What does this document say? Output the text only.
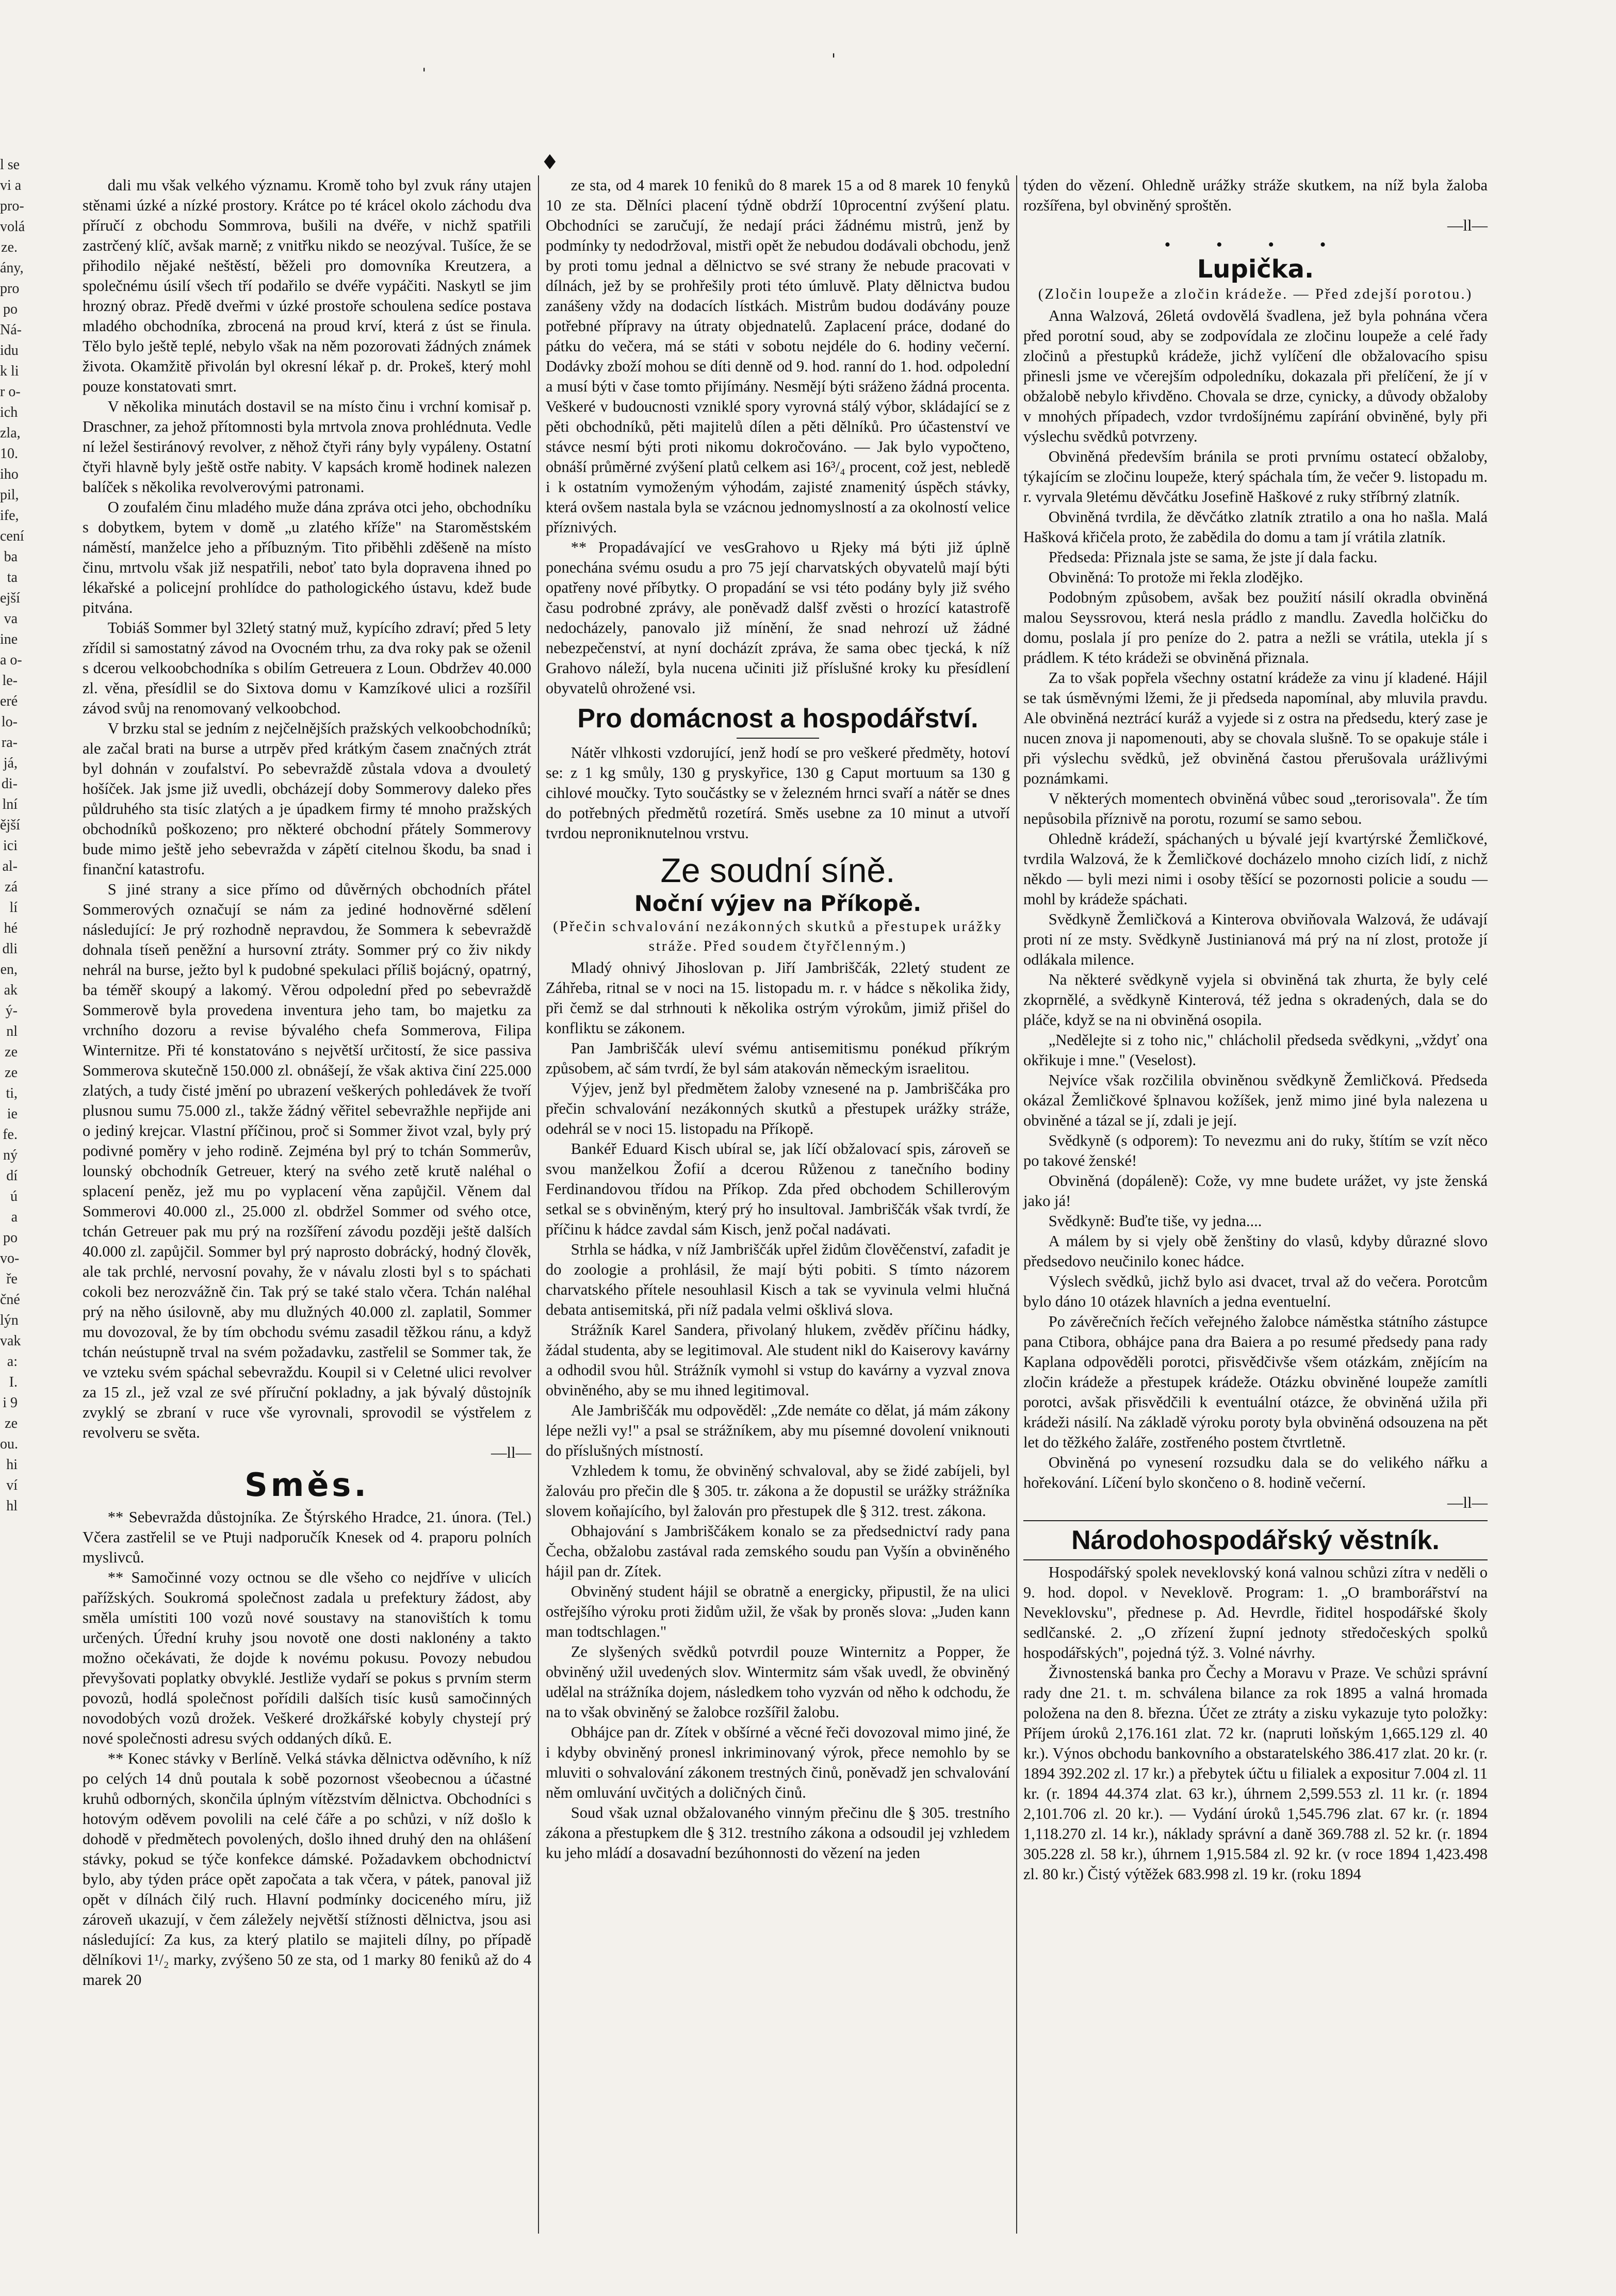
l se
vi a
pro-
volá
ze.
ány,
pro
po
Ná-
idu
k li
r o-
ich
zla,
10.
iho
pil,
ife,
cení
ba
ta
ejší
va
ine
a o-
le-
eré
lo-
ra-
já,
di-
lní
ější
ici
al-
zá
lí
hé
dli
en,
ak
ý-
nl
ze
ze
ti,
ie
fe.
ný
dí
ú
a
po
vo-
ře
čné
lýn
vak
a:
I.
i 9
ze
ou.
hi
ví
hl
ˌ	'
♦

dali mu však velkého významu. Kromě toho byl zvuk rány utajen stěnami úzké a nízké prostory. Krátce po té krácel okolo záchodu dva příručí z obchodu Sommrova, bušili na dvéře, v nichž spatřili zastrčený klíč, avšak marně; z vnitřku nikdo se neozýval. Tušíce, že se přihodilo nějaké neštěstí, běželi pro domovníka Kreutzera, a společnému úsilí všech tří podařilo se dvéře vypáčiti. Naskytl se jim hrozný obraz. Předě dveřmi v úzké prostoře schoulena sedíce postava mladého obchodníka, zbrocená na proud krví, která z úst se řinula. Tělo bylo ještě teplé, nebylo však na něm pozorovati žádných známek života. Okamžitě přivolán byl okresní lékař p. dr. Prokeš, který mohl pouze konstatovati smrt.

V několika minutách dostavil se na místo činu i vrchní komisař p. Draschner, za jehož přítomnosti byla mrtvola znova prohlédnuta. Vedle ní ležel šestiránový revolver, z něhož čtyři rány byly vypáleny. Ostatní čtyři hlavně byly ještě ostře nabity. V kapsách kromě hodinek nalezen balíček s několika revolverovými patronami.

O zoufalém činu mladého muže dána zpráva otci jeho, obchodníku s dobytkem, bytem v domě „u zlatého kříže" na Staroměstském náměstí, manželce jeho a příbuzným. Tito přiběhli zděšeně na místo činu, mrtvolu však již nespatřili, neboť tato byla dopravena ihned po lékařské a policejní prohlídce do pathologického ústavu, kdež bude pitvána.

Tobiáš Sommer byl 32letý statný muž, kypícího zdraví; před 5 lety zřídil si samostatný závod na Ovocném trhu, za dva roky pak se oženil s dcerou velkoobchodníka s obilím Getreuera z Loun. Obdržev 40.000 zl. věna, přesídlil se do Sixtova domu v Kamzíkové ulici a rozšířil závod svůj na renomovaný velkoobchod.

V brzku stal se jedním z nejčelnějších pražských velkoobchodníků; ale začal brati na burse a utrpěv před krátkým časem značných ztrát byl dohnán v zoufalství. Po sebevraždě zůstala vdova a dvouletý hošíček. Jak jsme již uvedli, obcházejí doby Sommerovy daleko přes půldruhého sta tisíc zlatých a je úpadkem firmy té mnoho pražských obchodníků poškozeno; pro některé obchodní přátely Sommerovy bude mimo ještě jeho sebevražda v zápětí citelnou škodu, ba snad i finanční katastrofu.

S jiné strany a sice přímo od důvěrných obchodních přátel Sommerových označují se nám za jediné hodnověrné sdělení následující: Je prý rozhodně nepravdou, že Sommera k sebevraždě dohnala tíseň peněžní a hursovní ztráty. Sommer prý co živ nikdy nehrál na burse, ježto byl k pudobné spekulaci příliš bojácný, opatrný, ba téměř skoupý a lakomý. Věrou odpolední před po sebevraždě Sommerově byla provedena inventura jeho tam, bo majetku za vrchního dozoru a revise bývalého chefa Sommerova, Filipa Winternitze. Při té konstatováno s největší určitostí, že sice passiva Sommerova skutečně 150.000 zl. obnášejí, že však aktiva činí 225.000 zlatých, a tudy čisté jmění po ubrazení veškerých pohledávek že tvoří plusnou sumu 75.000 zl., takže žádný věřitel sebevražhle nepřijde ani o jediný krejcar. Vlastní příčinou, proč si Sommer život vzal, byly prý podivné poměry v jeho rodině. Zejména byl prý to tchán Sommerův, lounský obchodník Getreuer, který na svého zetě krutě naléhal o splacení peněz, jež mu po vyplacení věna zapůjčil. Věnem dal Sommerovi 40.000 zl., 25.000 zl. obdržel Sommer od svého otce, tchán Getreuer pak mu prý na rozšíření závodu později ještě dalších 40.000 zl. zapůjčil. Sommer byl prý naprosto dobrácký, hodný člověk, ale tak prchlé, nervosní povahy, že v návalu zlosti byl s to spáchati cokoli bez nerozvážně čin. Tak prý se také stalo včera. Tchán naléhal prý na něho úsilovně, aby mu dlužných 40.000 zl. zaplatil, Sommer mu dovozoval, že by tím obchodu svému zasadil těžkou ránu, a když tchán neústupně trval na svém požadavku, zastřelil se Sommer tak, že ve vzteku svém spáchal sebevraždu. Koupil si v Celetné ulici revolver za 15 zl., jež vzal ze své příruční pokladny, a jak bývalý důstojník zvyklý se zbraní v ruce vše vyrovnali, sprovodil se výstřelem z revolveru se světa.

—ll—
Směs.

** Sebevražda důstojníka. Ze Štýrského Hradce, 21. února. (Tel.) Včera zastřelil se ve Ptuji nadporučík Knesek od 4. praporu polních myslivců.

** Samočinné vozy octnou se dle všeho co nejdříve v ulicích pařížských. Soukromá společnost zadala u prefektury žádost, aby směla umístiti 100 vozů nové soustavy na stanovištích k tomu určených. Úřední kruhy jsou novotě one dosti naklonény a takto možno očekávati, že dojde k novému pokusu. Povozy nebudou převyšovati poplatky obvyklé. Jestliže vydaří se pokus s prvním sterm povozů, hodlá společnost pořídili dalších tisíc kusů samočinných novodobých vozů drožek. Veškeré drožkářské kobyly chystejí prý nové společnosti adresu svých oddaných díků. E.

** Konec stávky v Berlíně. Velká stávka dělnictva oděvního, k níž po celých 14 dnů poutala k sobě pozornost všeobecnou a účastné kruhů odborných, skončila úplným vítězstvím dělnictva. Obchodníci s hotovým oděvem povolili na celé čáře a po schůzi, v níž došlo k dohodě v předmětech povolených, došlo ihned druhý den na ohlášení stávky, pokud se týče konfekce dámské. Požadavkem obchodnictví bylo, aby týden práce opět započata a tak včera, v pátek, panoval již opět v dílnách čilý ruch. Hlavní podmínky dociceného míru, již zároveň ukazují, v čem záležely největší stížnosti dělnictva, jsou asi následující: Za kus, za který platilo se majiteli dílny, po případě dělníkovi 1¹/₂ marky, zvýšeno 50 ze sta, od 1 marky 80 feniků až do 4 marek 20

ze sta, od 4 marek 10 feniků do 8 marek 15 a od 8 marek 10 fenyků 10 ze sta. Dělníci placení týdně obdrží 10procentní zvýšení platu. Obchodníci se zaručují, že nedají práci žádnému mistrů, jenž by podmínky ty nedodržoval, mistři opět že nebudou dodávali obchodu, jenž by proti tomu jednal a dělnictvo se své strany že nebude pracovati v dílnách, jež by se prohřešily proti této úmluvě. Platy dělnictva budou zanášeny vždy na dodacích lístkách. Mistrům budou dodávány pouze potřebné přípravy na útraty objednatelů. Zaplacení práce, dodané do pátku do večera, má se státi v sobotu nejdéle do 6. hodiny večerní. Dodávky zboží mohou se díti denně od 9. hod. ranní do 1. hod. odpolední a musí býti v čase tomto přijímány. Nesmějí býti sráženo žádná procenta. Veškeré v budoucnosti vzniklé spory vyrovná stálý výbor, skládající se z pěti obchodníků, pěti majitelů dílen a pěti dělníků. Pro účastenství ve stávce nesmí býti proti nikomu dokročováno. — Jak bylo vypočteno, obnáší průměrné zvýšení platů celkem asi 16³/₄ procent, což jest, nebledě i k ostatním vymoženým výhodám, zajisté znamenitý úspěch stávky, která ovšem nastala byla se vzácnou jednomyslností a za okolností velice příznivých.

** Propadávající ve vesGrahovo u Rjeky má býti již úplně ponechána svému osudu a pro 75 její charvatských obyvatelů mají býti opatřeny nové příbytky. O propadání se vsi této podány byly již svého času podrobné zprávy, ale poněvadž dalšf zvěsti o hrozící katastrofě nedocházely, panovalo již mínění, že snad nehrozí už žádné nebezpečenství, at nyní docházít zpráva, že sama obec tjecká, k níž Grahovo náleží, byla nucena učiniti již příslušné kroky ku přesídlení obyvatelů ohrožené vsi.

Pro domácnost a hospodářství.

Nátěr vlhkosti vzdorující, jenž hodí se pro veškeré předměty, hotoví se: z 1 kg smůly, 130 g pryskyřice, 130 g Caput mortuum sa 130 g cihlové moučky. Tyto součástky se v železném hrnci svaří a nátěr se dnes do potřebných předmětů rozetírá. Směs usebne za 10 minut a utvoří tvrdou neproniknutelnou vrstvu.

Ze soudní síně.
Noční výjev na Příkopě.
(Přečin schvalování nezákonných skutků a přestupek urážky stráže. Před soudem čtyřčlenným.)

Mladý ohnivý Jihoslovan p. Jiří Jambriščák, 22letý student ze Záhřeba, ritnal se v noci na 15. listopadu m. r. v hádce s několika židy, při čemž se dal strhnouti k několika ostrým výrokům, jimiž přišel do konfliktu se zákonem.

Pan Jambriščák uleví svému antisemitismu ponékud příkrým způsobem, ač sám tvrdí, že byl sám atakován německým israelitou.

Výjev, jenž byl předmětem žaloby vznesené na p. Jambriščáka pro přečin schvalování nezákonných skutků a přestupek urážky stráže, odehrál se v noci 15. listopadu na Příkopě.

Bankéř Eduard Kisch ubíral se, jak líčí obžalovací spis, zároveň se svou manželkou Žofií a dcerou Růženou z tanečního bodiny Ferdinandovou třídou na Příkop. Zda před obchodem Schillerovým setkal se s obviněným, který prý ho insultoval. Jambriščák však tvrdí, že příčinu k hádce zavdal sám Kisch, jenž počal nadávati.

Strhla se hádka, v níž Jambriščák upřel židům člověčenství, zafadit je do zoologie a prohlásil, že mají býti pobiti. S tímto názorem charvatského přítele nesouhlasil Kisch a tak se vyvinula velmi hlučná debata antisemitská, při níž padala velmi ošklivá slova.

Strážník Karel Sandera, přivolaný hlukem, zvěděv příčinu hádky, žádal studenta, aby se legitimoval. Ale student nikl do Kaiserovy kavárny a odhodil svou hůl. Strážník vymohl si vstup do kavárny a vyzval znova obviněného, aby se mu ihned legitimoval.

Ale Jambriščák mu odpověděl: „Zde nemáte co dělat, já mám zákony lépe nežli vy!" a psal se strážníkem, aby mu písemné dovolení vniknouti do příslušných místností.

Vzhledem k tomu, že obviněný schvaloval, aby se židé zabíjeli, byl žalováu pro přečin dle § 305. tr. zákona a že dopustil se urážky strážníka slovem koňajícího, byl žalován pro přestupek dle § 312. trest. zákona.

Obhajování s Jambriščákem konalo se za předsednictví rady pana Čecha, obžalobu zastával rada zemského soudu pan Vyšín a obviněného hájil pan dr. Zítek.

Obviněný student hájil se obratně a energicky, připustil, že na ulici ostřejšího výroku proti židům užil, že však by proněs slova: „Juden kann man todtschlagen."

Ze slyšených svědků potvrdil pouze Winternitz a Popper, že obviněný užil uvedených slov. Wintermitz sám však uvedl, že obviněný udělal na strážníka dojem, následkem toho vyzván od něho k odchodu, že na to však obviněný se žalobce rozšířil žalobu.

Obhájce pan dr. Zítek v obšírné a věcné řeči dovozoval mimo jiné, že i kdyby obviněný pronesl inkriminovaný výrok, přece nemohlo by se mluviti o sohvalování zákonem trestných činů, poněvadž jen schvalování něm omluvání uvčitých a doličných činů.

Soud však uznal obžalovaného vinným přečinu dle § 305. trestního zákona a přestupkem dle § 312. trestního zákona a odsoudil jej vzhledem ku jeho mládí a dosavadní bezúhonnosti do vězení na jeden

týden do vězení. Ohledně urážky stráže skutkem, na níž byla žaloba rozšířena, byl obviněný sproštěn.

—ll—
• • • •
Lupička.
(Zločin loupeže a zločin krádeže. — Před zdejší porotou.)

Anna Walzová, 26letá ovdovělá švadlena, jež byla pohnána včera před porotní soud, aby se zodpovídala ze zločinu loupeže a celé řady zločinů a přestupků krádeže, jichž vylíčení dle obžalovacího spisu přinesli jsme ve včerejším odpoledníku, dokazala při přelíčení, že jí v obžalobě nebylo křivděno. Chovala se drze, cynicky, a důvody obžaloby v mnohých případech, vzdor tvrdošíjnému zapírání obviněné, byly při výslechu svědků potvrzeny.

Obviněná především bránila se proti prvnímu ostatecí obžaloby, týkajícím se zločinu loupeže, který spáchala tím, že večer 9. listopadu m. r. vyrvala 9letému děvčátku Josefině Haškové z ruky stříbrný zlatník.

Obviněná tvrdila, že děvčátko zlatník ztratilo a ona ho našla. Malá Hašková křičela proto, že zabědila do domu a tam jí vrátila zlatník.

Předseda: Přiznala jste se sama, že jste jí dala facku.

Obviněná: To protože mi řekla zlodějko.

Podobným způsobem, avšak bez použití násilí okradla obviněná malou Seyssrovou, která nesla prádlo z mandlu. Zavedla holčičku do domu, poslala jí pro peníze do 2. patra a nežli se vrátila, utekla jí s prádlem. K této krádeži se obviněná přiznala.

Za to však popřela všechny ostatní krádeže za vinu jí kladené. Hájil se tak úsměvnými lžemi, že ji předseda napomínal, aby mluvila pravdu. Ale obviněná neztrácí kuráž a vyjede si z ostra na předsedu, který zase je nucen znova ji napomenouti, aby se chovala slušně. To se opakuje stále i při výslechu svědků, jež obviněná častou přerušovala urážlivými poznámkami.

V některých momentech obviněná vůbec soud „terorisovala". Že tím nepůsobila příznivě na porotu, rozumí se samo sebou.

Ohledně krádeží, spáchaných u bývalé její kvartýrské Žemličkové, tvrdila Walzová, že k Žemličkové docházelo mnoho cizích lidí, z nichž někdo — byli mezi nimi i osoby těšící se pozornosti policie a soudu — mohl by krádeže spáchati.

Svědkyně Žemličková a Kinterova obviňovala Walzová, že udávají proti ní ze msty. Svědkyně Justinianová má prý na ní zlost, protože jí odlákala milence.

Na některé svědkyně vyjela si obviněná tak zhurta, že byly celé zkoprnělé, a svědkyně Kinterová, též jedna s okradených, dala se do pláče, když se na ni obviněná osopila.

„Nedělejte si z toho nic," chlácholil předseda svědkyni, „vždyť ona okřikuje i mne." (Veselost).

Nejvíce však rozčilila obviněnou svědkyně Žemličková. Předseda okázal Žemličkové šplnavou kožíšek, jenž mimo jiné byla nalezena u obviněné a tázal se jí, zdali je její.

Svědkyně (s odporem): To nevezmu ani do ruky, štítím se vzít něco po takové ženské!

Obviněná (dopáleně): Cože, vy mne budete urážet, vy jste ženská jako já!

Svědkyně: Buďte tiše, vy jedna....

A málem by si vjely obě ženštiny do vlasů, kdyby důrazné slovo předsedovo neučinilo konec hádce.

Výslech svědků, jichž bylo asi dvacet, trval až do večera. Porotcům bylo dáno 10 otázek hlavních a jedna eventuelní.

Po závěrečních řečích veřejného žalobce náměstka státního zástupce pana Ctibora, obhájce pana dra Baiera a po resumé předsedy pana rady Kaplana odpověděli porotci, přisvědčivše všem otázkám, znějícím na zločin krádeže a přestupek krádeže. Otázku obviněné loupeže zamítli porotci, avšak přisvědčili k eventuální otázce, že obviněná užila při krádeži násilí. Na základě výroku poroty byla obviněná odsouzena na pět let do těžkého žaláře, zostřeného postem čtvrtletně.

Obviněná po vynesení rozsudku dala se do velikého nářku a hořekování. Líčení bylo skončeno o 8. hodině večerní.

—ll—
Národohospodářský věstník.

Hospodářský spolek neveklovský koná valnou schůzi zítra v neděli o 9. hod. dopol. v Neveklově. Program: 1. „O bramborářství na Neveklovsku", přednese p. Ad. Hevrdle, řiditel hospodářské školy sedlčanské. 2. „O zřízení župní jednoty středočeských spolků hospodářských", pojedná týž. 3. Volné návrhy.

Živnostenská banka pro Čechy a Moravu v Praze. Ve schůzi správní rady dne 21. t. m. schválena bilance za rok 1895 a valná hromada položena na den 8. března. Účet ze ztráty a zisku vykazuje tyto položky: Příjem úroků 2,176.161 zlat. 72 kr. (napruti loňským 1,665.129 zl. 40 kr.). Výnos obchodu bankovního a obstaratelského 386.417 zlat. 20 kr. (r. 1894 392.202 zl. 17 kr.) a přebytek účtu u filialek a expositur 7.004 zl. 11 kr. (r. 1894 44.374 zlat. 63 kr.), úhrnem 2,599.553 zl. 11 kr. (r. 1894 2,101.706 zl. 20 kr.). — Vydání úroků 1,545.796 zlat. 67 kr. (r. 1894 1,118.270 zl. 14 kr.), náklady správní a daně 369.788 zl. 52 kr. (r. 1894 305.228 zl. 58 kr.), úhrnem 1,915.584 zl. 92 kr. (v roce 1894 1,423.498 zl. 80 kr.) Čistý výtěžek 683.998 zl. 19 kr. (roku 1894
